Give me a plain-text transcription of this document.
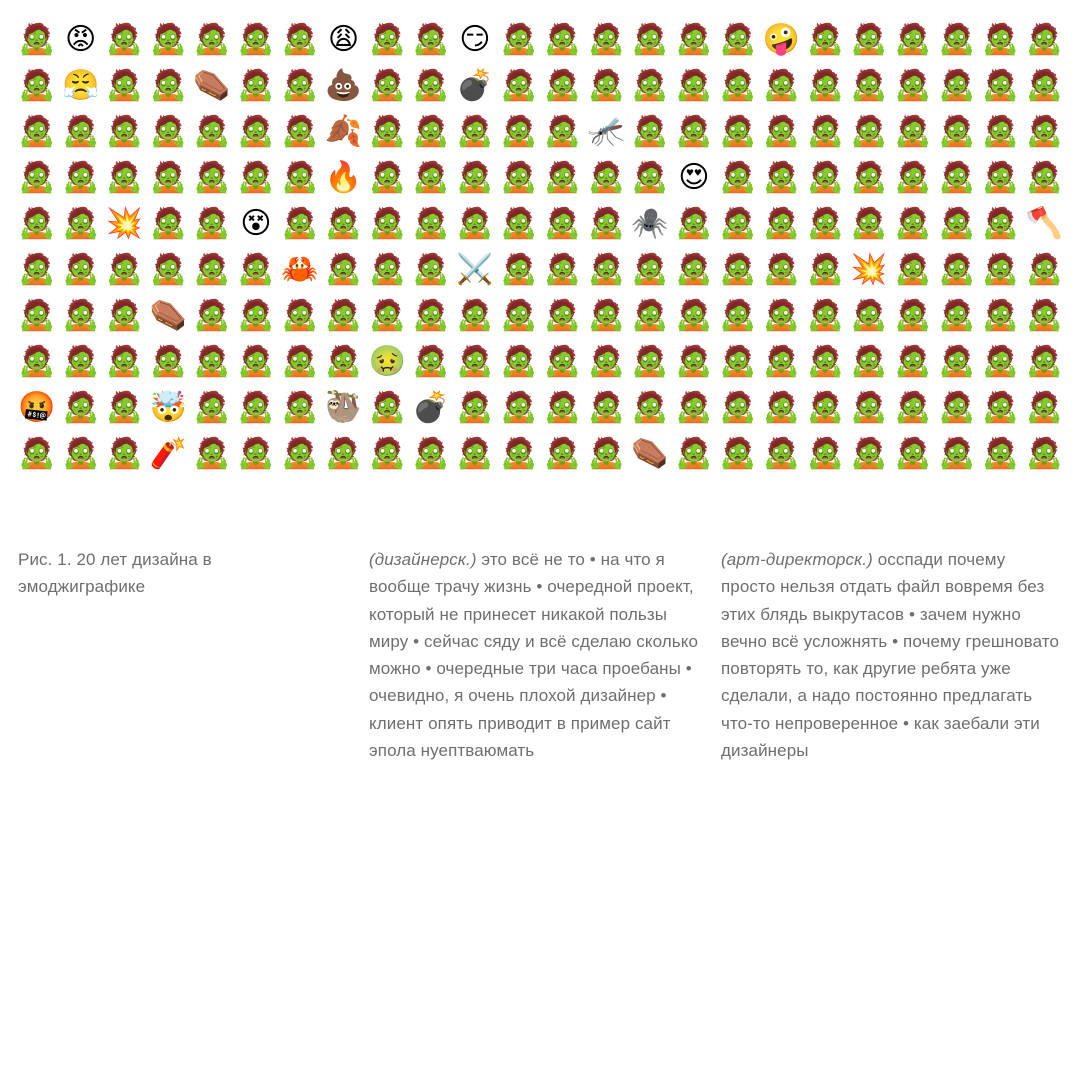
🧟 😡 🧟 🧟 🧟 🧟 🧟 😩 🧟 🧟 😏 🧟 🧟 🧟 🧟 🧟 🧟 🤪 🧟 🧟 🧟 🧟 🧟 🧟
🧟 😤 🧟 🧟 ⚰️ 🧟 🧟 💩 🧟 🧟 💣 🧟 🧟 🧟 🧟 🧟 🧟 🧟 🧟 🧟 🧟 🧟 🧟 🧟
🧟 🧟 🧟 🧟 🧟 🧟 🧟 🍂 🧟 🧟 🧟 🧟 🧟 🦟 🧟 🧟 🧟 🧟 🧟 🧟 🧟 🧟 🧟 🧟
🧟 🧟 🧟 🧟 🧟 🧟 🧟 🔥 🧟 🧟 🧟 🧟 🧟 🧟 🧟 😍 🧟 🧟 🧟 🧟 🧟 🧟 🧟 🧟
🧟 🧟 💥 🧟 🧟 😵 🧟 🧟 🧟 🧟 🧟 🧟 🧟 🧟 🕷️ 🧟 🧟 🧟 🧟 🧟 🧟 🧟 🧟 🪓
🧟 🧟 🧟 🧟 🧟 🧟 🦀 🧟 🧟 🧟 ⚔️ 🧟 🧟 🧟 🧟 🧟 🧟 🧟 🧟 💥 🧟 🧟 🧟 🧟
🧟 🧟 🧟 ⚰️ 🧟 🧟 🧟 🧟 🧟 🧟 🧟 🧟 🧟 🧟 🧟 🧟 🧟 🧟 🧟 🧟 🧟 🧟 🧟 🧟
🧟 🧟 🧟 🧟 🧟 🧟 🧟 🧟 🤢 🧟 🧟 🧟 🧟 🧟 🧟 🧟 🧟 🧟 🧟 🧟 🧟 🧟 🧟 🧟
🤬 🧟 🧟 🤯 🧟 🧟 🧟 🦥 🧟 💣 🧟 🧟 🧟 🧟 🧟 🧟 🧟 🧟 🧟 🧟 🧟 🧟 🧟 🧟
🧟 🧟 🧟 🧨 🧟 🧟 🧟 🧟 🧟 🧟 🧟 🧟 🧟 🧟 ⚰️ 🧟 🧟 🧟 🧟 🧟 🧟 🧟 🧟 🧟
Рис. 1. 20 лет дизайна в эмоджиграфике
(дизайнерск.) это всё не то • на что я вообще трачу жизнь • очередной проект, который не принесет никакой пользы миру • сейчас сяду и всё сделаю сколько можно • очередные три часа проебаны • очевидно, я очень плохой дизайнер • клиент опять приводит в пример сайт эпола нуептваюмать
(арт-директорск.) осспади почему просто нельзя отдать файл вовремя без этих блядь выкрутасов • зачем нужно вечно всё усложнять • почему грешновато повторять то, как другие ребята уже сделали, а надо постоянно предлагать что-то непроверенное • как заебали эти дизайнеры
